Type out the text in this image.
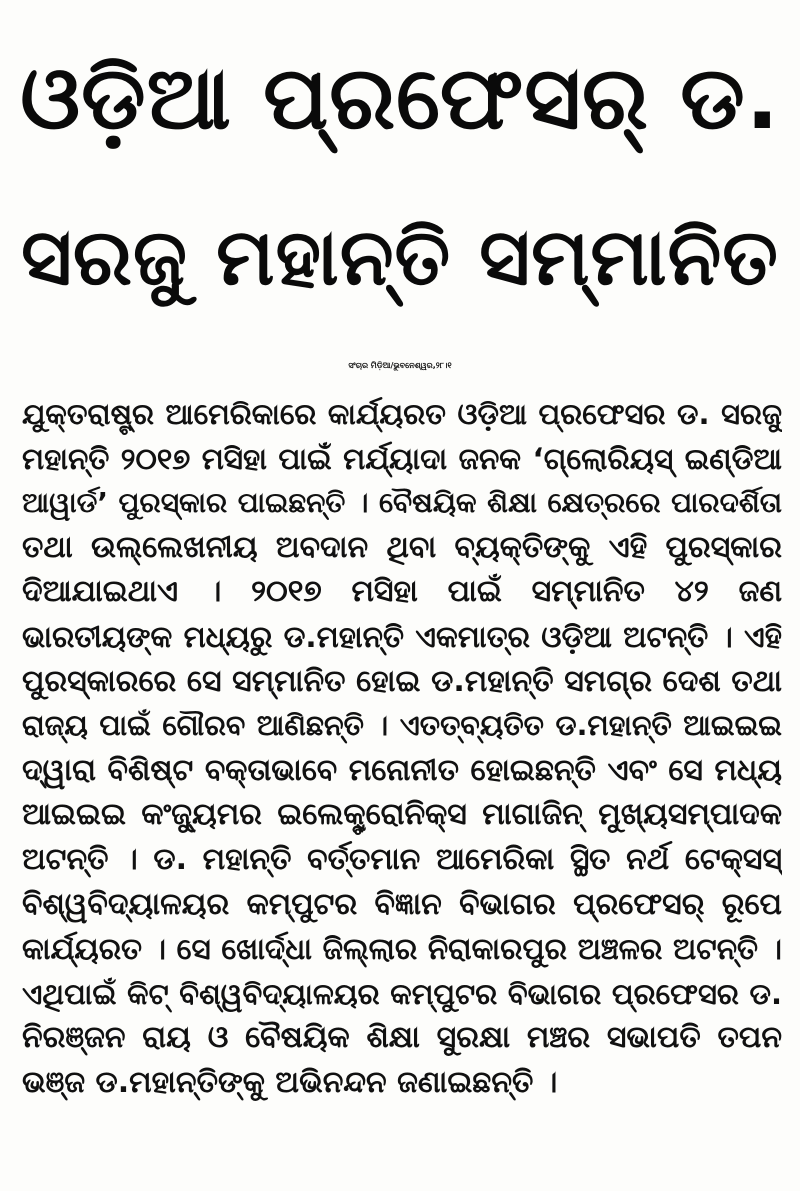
ଓଡ଼ିଆ ପ୍ରଫେସର୍ ଡ.
ସରଜୁ ମହାନ୍ତି ସମ୍ମାନିତ
ସଂଚାର ମିଡ଼ିଆ/ଭୁବନେଶ୍ୱର,୨୮।୧
ଯୁକ୍ତରାଷ୍ଟ୍ର ଆମେରିକାରେ କାର୍ଯ୍ୟରତ ଓଡ଼ିଆ ପ୍ରଫେସର ଡ. ସରଜୁ
ମହାନ୍ତି ୨୦୧୭ ମସିହା ପାଇଁ ମର୍ଯ୍ୟାଦା ଜନକ ‘ଗ୍ଲୋରିୟସ୍ ଇଣ୍ଡିଆ
ଆୱାର୍ଡ’ ପୁରସ୍କାର ପାଇଛନ୍ତି । ବୈଷୟିକ ଶିକ୍ଷା କ୍ଷେତ୍ରରେ ପାରଦର୍ଶିତା
ତଥା ଉଲ୍ଲେଖନୀୟ ଅବଦାନ ଥିବା ବ୍ୟକ୍ତିଙ୍କୁ ଏହି ପୁରସ୍କାର
ଦିଆଯାଇଥାଏ । ୨୦୧୭ ମସିହା ପାଇଁ ସମ୍ମାନିତ ୪୨ ଜଣ
ଭାରତୀୟଙ୍କ ମଧ୍ୟରୁ ଡ.ମହାନ୍ତି ଏକମାତ୍ର ଓଡ଼ିଆ ଅଟନ୍ତି । ଏହି
ପୁରସ୍କାରରେ ସେ ସମ୍ମାନିତ ହୋଇ ଡ.ମହାନ୍ତି ସମଗ୍ର ଦେଶ ତଥା
ରାଜ୍ୟ ପାଇଁ ଗୌରବ ଆଣିଛନ୍ତି । ଏତତ୍‌ବ୍ୟତିତ ଡ.ମହାନ୍ତି ଆଇଇଇ
ଦ୍ୱାରା ବିଶିଷ୍ଟ ବକ୍ତାଭାବେ ମନୋନୀତ ହୋଇଛନ୍ତି ଏବଂ ସେ ମଧ୍ୟ
ଆଇଇଇ କଂଜ୍ୟୁମର ଇଲେକ୍ଟ୍ରୋନିକ୍ସ ମାଗାଜିନ୍ ମୁଖ୍ୟସମ୍ପାଦକ
ଅଟନ୍ତି । ଡ. ମହାନ୍ତି ବର୍ତ୍ତମାନ ଆମେରିକା ସ୍ଥିତ ନର୍ଥ ଟେକ୍ସସ୍
ବିଶ୍ୱବିଦ୍ୟାଳୟର କମ୍ପୁଟର ବିଜ୍ଞାନ ବିଭାଗର ପ୍ରଫେସର୍ ରୂପେ
କାର୍ଯ୍ୟରତ । ସେ ଖୋର୍ଦ୍ଧା ଜିଲ୍ଲାର ନିରାକାରପୁର ଅଞ୍ଚଳର ଅଟନ୍ତି ।
ଏଥିପାଇଁ କିଟ୍ ବିଶ୍ୱବିଦ୍ୟାଳୟର କମ୍ପୁଟର ବିଭାଗର ପ୍ରଫେସର ଡ.
ନିରଞ୍ଜନ ରାୟ ଓ ବୈଷୟିକ ଶିକ୍ଷା ସୁରକ୍ଷା ମଞ୍ଚର ସଭାପତି ତପନ
ଭଞ୍ଜ ଡ.ମହାନ୍ତିଙ୍କୁ ଅଭିନନ୍ଦନ ଜଣାଇଛନ୍ତି ।
